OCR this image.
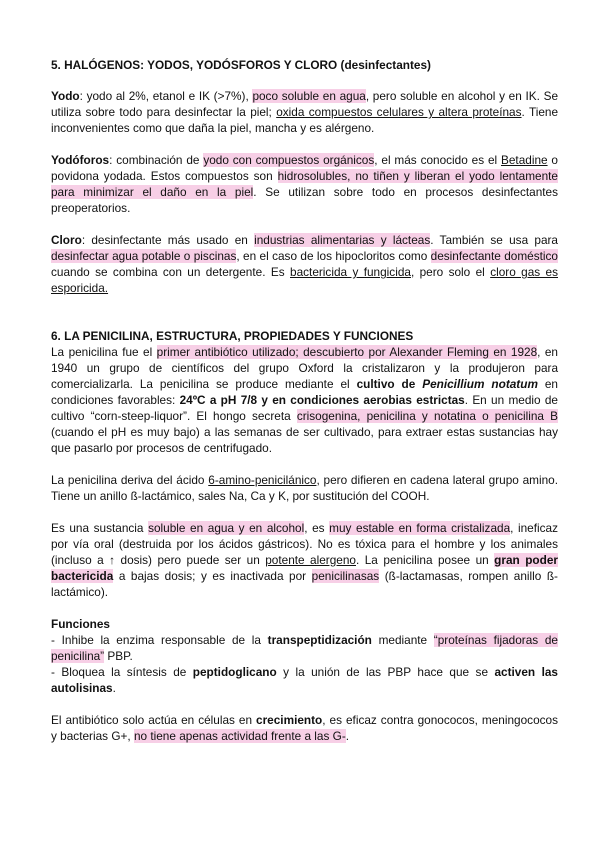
5. HALÓGENOS: YODOS, YODÓSFOROS Y CLORO (desinfectantes)

Yodo: yodo al 2%, etanol e IK (>7%), poco soluble en agua, pero soluble en alcohol y en IK. Se utiliza sobre todo para desinfectar la piel; oxida compuestos celulares y altera proteínas. Tiene inconvenientes como que daña la piel, mancha y es alérgeno.

Yodóforos: combinación de yodo con compuestos orgánicos, el más conocido es el Betadine o povidona yodada. Estos compuestos son hidrosolubles, no tiñen y liberan el yodo lentamente para minimizar el daño en la piel. Se utilizan sobre todo en procesos desinfectantes preoperatorios.

Cloro: desinfectante más usado en industrias alimentarias y lácteas. También se usa para desinfectar agua potable o piscinas, en el caso de los hipocloritos como desinfectante doméstico cuando se combina con un detergente. Es bactericida y fungicida, pero solo el cloro gas es esporicida.

6. LA PENICILINA, ESTRUCTURA, PROPIEDADES Y FUNCIONES

La penicilina fue el primer antibiótico utilizado; descubierto por Alexander Fleming en 1928, en 1940 un grupo de científicos del grupo Oxford la cristalizaron y la produjeron para comercializarla. La penicilina se produce mediante el cultivo de Penicillium notatum en condiciones favorables: 24ºC a pH 7/8 y en condiciones aerobias estrictas. En un medio de cultivo “corn-steep-liquor”. El hongo secreta crisogenina, penicilina y notatina o penicilina B (cuando el pH es muy bajo) a las semanas de ser cultivado, para extraer estas sustancias hay que pasarlo por procesos de centrifugado.

La penicilina deriva del ácido 6-amino-penicilánico, pero difieren en cadena lateral grupo amino. Tiene un anillo ß-lactámico, sales Na, Ca y K, por sustitución del COOH.

Es una sustancia soluble en agua y en alcohol, es muy estable en forma cristalizada, ineficaz por vía oral (destruida por los ácidos gástricos). No es tóxica para el hombre y los animales (incluso a ↑ dosis) pero puede ser un potente alergeno. La penicilina posee un gran poder bactericida a bajas dosis; y es inactivada por penicilinasas (ß-lactamasas, rompen anillo ß-lactámico).

Funciones

- Inhibe la enzima responsable de la transpeptidización mediante “proteínas fijadoras de penicilina” PBP.

- Bloquea la síntesis de peptidoglicano y la unión de las PBP hace que se activen las autolisinas.

El antibiótico solo actúa en células en crecimiento, es eficaz contra gonococos, meningococos y bacterias G+, no tiene apenas actividad frente a las G-.
